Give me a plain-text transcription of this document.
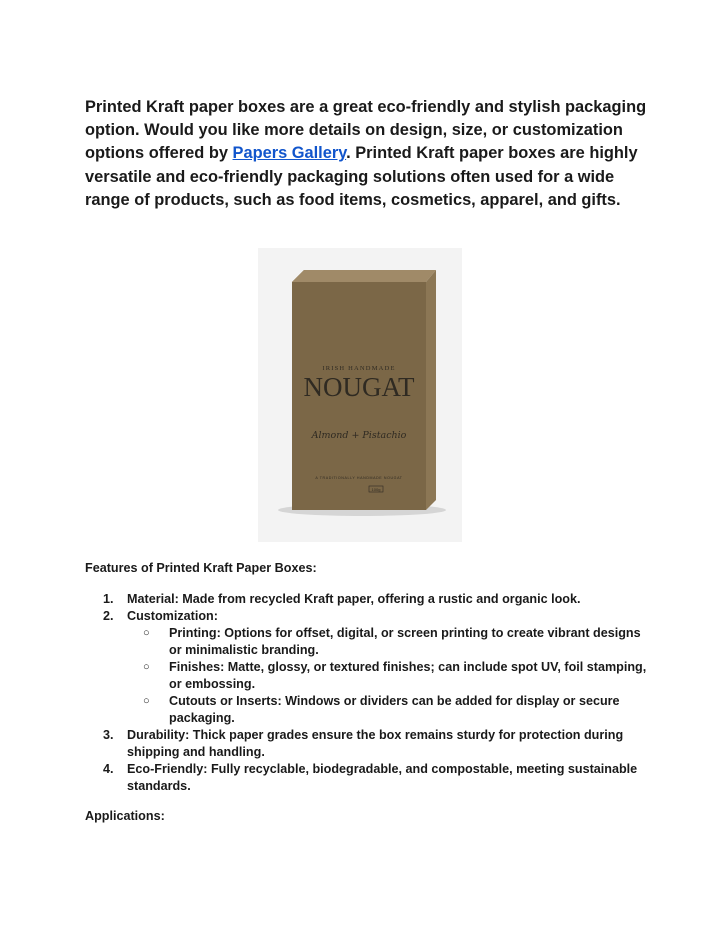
Printed Kraft paper boxes are a great eco-friendly and stylish packaging option. Would you like more details on design, size, or customization options offered by Papers Gallery. Printed Kraft paper boxes are highly versatile and eco-friendly packaging solutions often used for a wide range of products, such as food items, cosmetics, apparel, and gifts.

IRISH HANDMADE
NOUGAT
Almond + Pistachio
A TRADITIONALLY HANDMADE NOUGAT
100g
Features of Printed Kraft Paper Boxes:
1. Material: Made from recycled Kraft paper, offering a rustic and organic look.
2. Customization:
○ Printing: Options for offset, digital, or screen printing to create vibrant designs or minimalistic branding.
○ Finishes: Matte, glossy, or textured finishes; can include spot UV, foil stamping, or embossing.
○ Cutouts or Inserts: Windows or dividers can be added for display or secure packaging.
3. Durability: Thick paper grades ensure the box remains sturdy for protection during shipping and handling.
4. Eco-Friendly: Fully recyclable, biodegradable, and compostable, meeting sustainable standards.
Applications:
